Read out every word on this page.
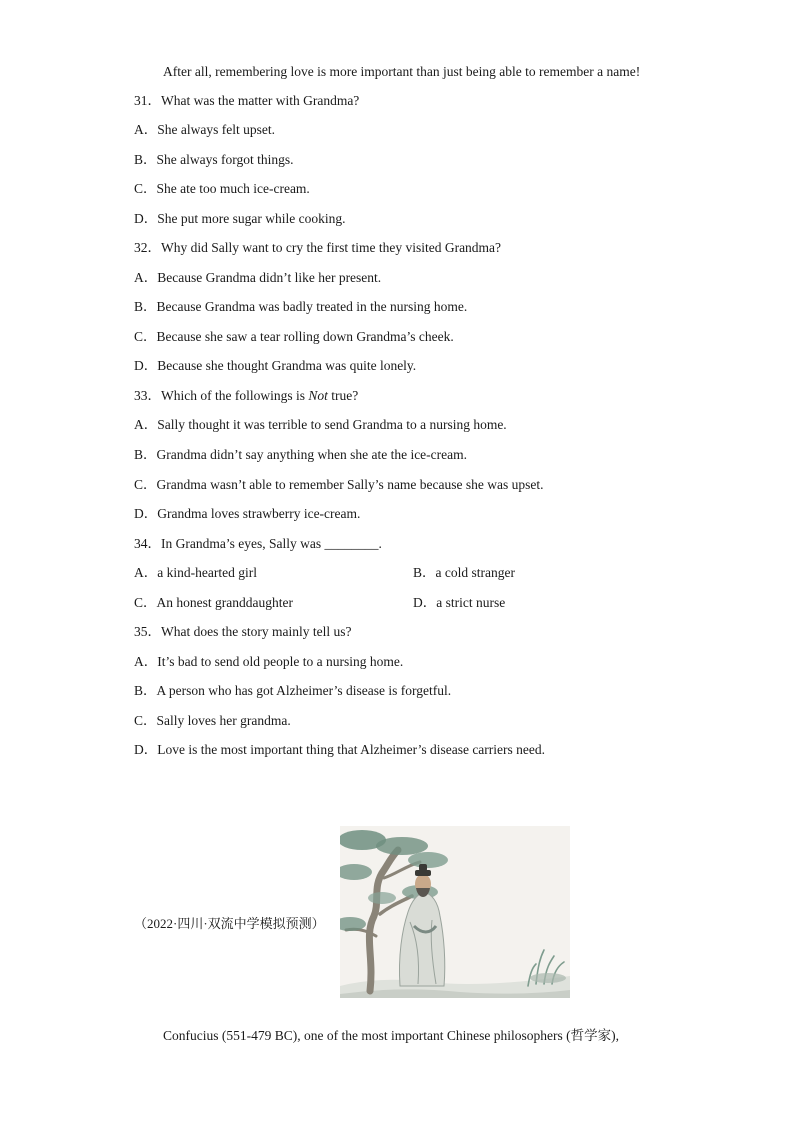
After all, remembering love is more important than just being able to remember a name!
31．What was the matter with Grandma?
A．She always felt upset.
B．She always forgot things.
C．She ate too much ice-cream.
D．She put more sugar while cooking.
32．Why did Sally want to cry the first time they visited Grandma?
A．Because Grandma didn’t like her present.
B．Because Grandma was badly treated in the nursing home.
C．Because she saw a tear rolling down Grandma’s cheek.
D．Because she thought Grandma was quite lonely.
33．Which of the followings is Not true?
A．Sally thought it was terrible to send Grandma to a nursing home.
B．Grandma didn’t say anything when she ate the ice-cream.
C．Grandma wasn’t able to remember Sally’s name because she was upset.
D．Grandma loves strawberry ice-cream.
34．In Grandma’s eyes, Sally was ________.
A．a kind-hearted girl	B．a cold stranger
C．An honest granddaughter	D．a strict nurse
35．What does the story mainly tell us?
A．It’s bad to send old people to a nursing home.
B．A person who has got Alzheimer’s disease is forgetful.
C．Sally loves her grandma.
D．Love is the most important thing that Alzheimer’s disease carriers need.
（2022·四川·双流中学模拟预测）
Confucius (551-479 BC), one of the most important Chinese philosophers (哲学家),
